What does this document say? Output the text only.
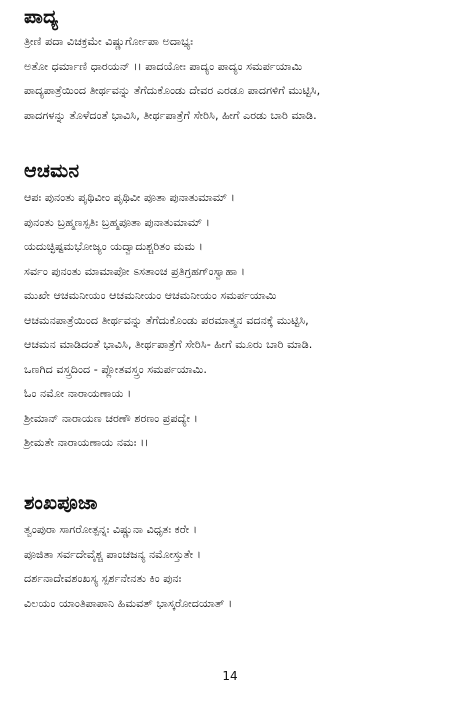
ಪಾದ್ಯ

ತ್ರೀಣಿ ಪದಾ ವಿಚಕ್ರಮೇ ವಿಷ್ಣುರ್ಗೋಪಾ ಅದಾಭ್ಯಃ

ಅತೋ ಧರ್ಮಾಣಿ ಧಾರಯನ್ ।। ಪಾದಯೋಃ ಪಾದ್ಯಂ ಪಾದ್ಯಂ ಸಮರ್ಪಯಾಮಿ

ಪಾದ್ಯಪಾತ್ರೆಯಿಂದ ತೀರ್ಥವನ್ನು ತೆಗೆದುಕೊಂಡು ದೇವರ ಎರಡೂ ಪಾದಗಳಿಗೆ ಮುಟ್ಟಿಸಿ,

ಪಾದಗಳನ್ನು ತೊಳೆದಂತೆ ಭಾವಿಸಿ, ತೀರ್ಥಪಾತ್ರೆಗೆ ಸೇರಿಸಿ, ಹೀಗೆ ಎರಡು ಬಾರಿ ಮಾಡಿ.

ಆಚಮನ

ಆಪಃ ಪುನಂತು ಪೃಥಿವೀಂ ಪೃಥಿವೀ ಪೂತಾ ಪುನಾತುಮಾಮ್ ।

ಪುನಂತು ಬ್ರಹ್ಮಣಸ್ಪತಿಃ ಬ್ರಹ್ಮಪೂತಾ ಪುನಾತುಮಾಮ್ ।

ಯದುಚ್ಛಿಷ್ಟಮಭೋಜ್ಯಂ ಯದ್ವಾದುಶ್ಚರಿತಂ ಮಮ ।

ಸರ್ವಂ ಪುನಂತು ಮಾಮಾಪೋ ಽಸತಾಂಚ ಪ್ರತಿಗ್ರಹಗ್ಂಸ್ವಾಹಾ ।

ಮುಖೇ ಆಚಮನೀಯಂ ಆಚಮನೀಯಂ ಆಚಮನೀಯಂ ಸಮರ್ಪಯಾಮಿ

ಆಚಮನಪಾತ್ರೆಯಿಂದ ತೀರ್ಥವನ್ನು ತೆಗೆದುಕೊಂಡು ಪರಮಾತ್ಮನ ವದನಕ್ಕೆ ಮುಟ್ಟಿಸಿ,

ಆಚಮನ ಮಾಡಿದಂತೆ ಭಾವಿಸಿ, ತೀರ್ಥಪಾತ್ರೆಗೆ ಸೇರಿಸಿ- ಹೀಗೆ ಮೂರು ಬಾರಿ ಮಾಡಿ.

ಒಣಗಿದ ವಸ್ತ್ರದಿಂದ - ಪ್ಲೋತವಸ್ತ್ರಂ ಸಮರ್ಪಯಾಮಿ.

ಓಂ ನಮೋ ನಾರಾಯಣಾಯ ।

ಶ್ರೀಮಾನ್ ನಾರಾಯಣ ಚರಣೌ ಶರಣಂ ಪ್ರಪದ್ಯೇ ।

ಶ್ರೀಮತೇ ನಾರಾಯಣಾಯ ನಮಃ ।।

ಶಂಖಪೂಜಾ

ತ್ವಂಪುರಾ ಸಾಗರೋತ್ಪನ್ನಃ ವಿಷ್ಣುನಾ ವಿಧೃತಃ ಕರೇ ।

ಪೂಜಿತಾ ಸರ್ವದೇವೈಶ್ಚ ಪಾಂಚಜನ್ಯ ನಮೋಸ್ತುತೇ ।

ದರ್ಶನಾದೇವಶಂಖಸ್ಯ ಸ್ಪರ್ಶನೇನತು ಕಿಂ ಪುನಃ

ವಿಲಯಂ ಯಾಂತಿಪಾಪಾನಿ ಹಿಮವತ್ ಭಾಸ್ಕರೋದಯಾತ್ ।

14
